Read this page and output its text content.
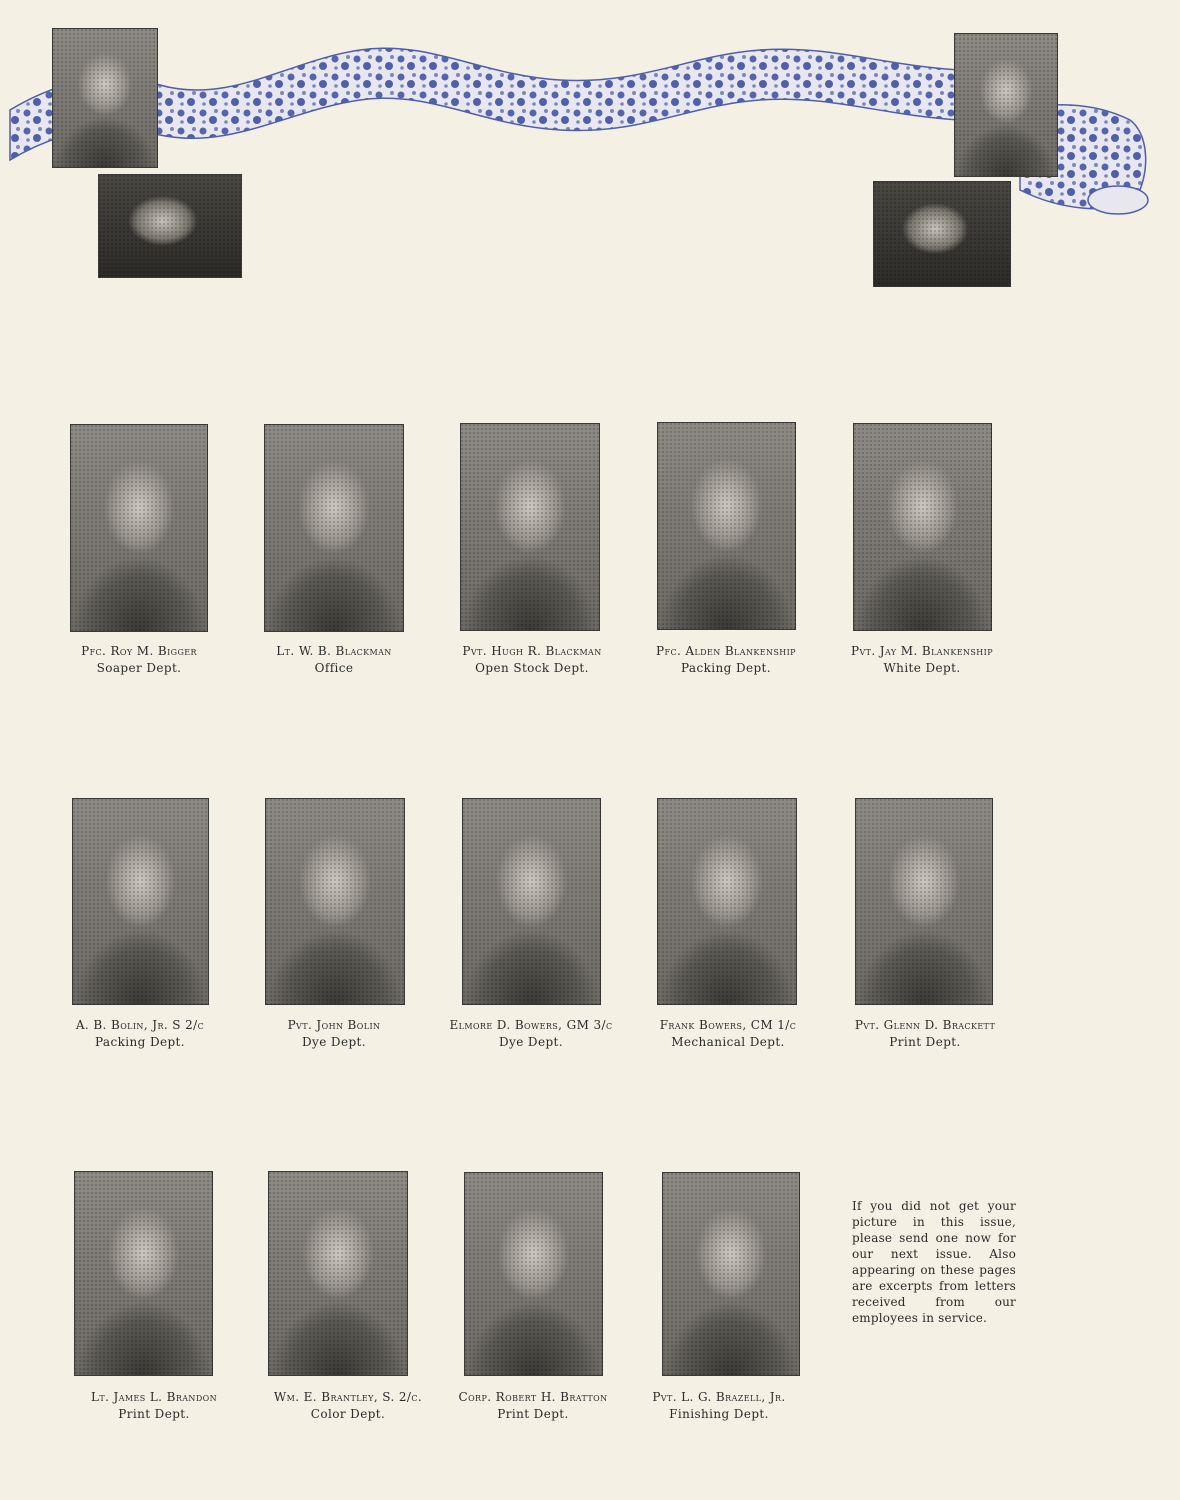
Pfc. Roy M. Bigger
Soaper Dept.
Lt. W. B. Blackman
Office
Pvt. Hugh R. Blackman
Open Stock Dept.
Pfc. Alden Blankenship
Packing Dept.
Pvt. Jay M. Blankenship
White Dept.
A. B. Bolin, Jr. S 2/c
Packing Dept.
Pvt. John Bolin
Dye Dept.
Elmore D. Bowers, GM 3/c
Dye Dept.
Frank Bowers, CM 1/c
Mechanical Dept.
Pvt. Glenn D. Brackett
Print Dept.
Lt. James L. Brandon
Print Dept.
Wm. E. Brantley, S. 2/c.
Color Dept.
Corp. Robert H. Bratton
Print Dept.
Pvt. L. G. Brazell, Jr.
Finishing Dept.
If you did not get your picture in this issue, please send one now for our next issue. Also appearing on these pages are excerpts from letters received from our employees in service.
